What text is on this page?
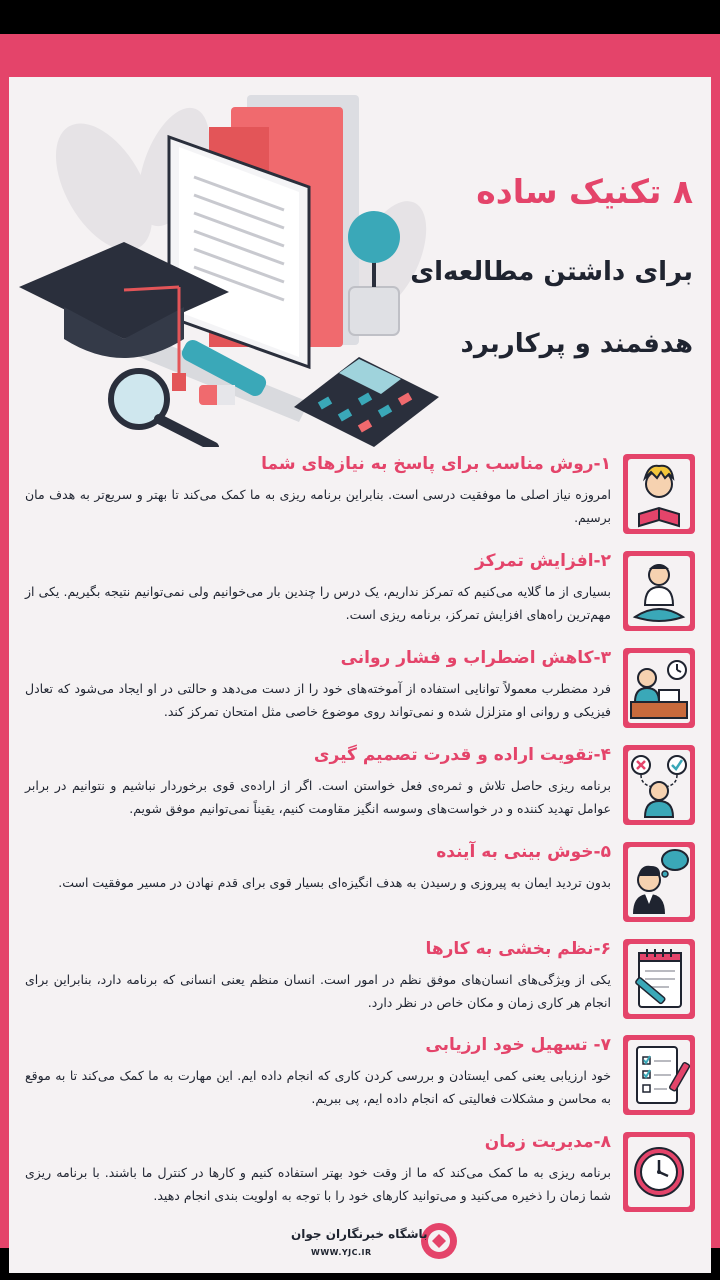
۸ تکنیک ساده
برای داشتن مطالعه‌ای
هدفمند و پرکاربرد
۱-روش مناسب برای پاسخ به نیازهای شما
امروزه نیاز اصلی ما موفقیت درسی است. بنابراین برنامه ریزی به ما کمک می‌کند تا بهتر و سریع‌تر به هدف مان برسیم.
۲-افزایش تمرکز
بسیاری از ما گلایه می‌کنیم که تمرکز نداریم، یک درس را چندین بار می‌خوانیم ولی نمی‌توانیم نتیجه بگیریم. یکی از مهم‌ترین راه‌های افزایش تمرکز، برنامه ریزی است.
۳-کاهش اضطراب و فشار روانی
فرد مضطرب معمولاً توانایی استفاده از آموخته‌های خود را از دست می‌دهد و حالتی در او ایجاد می‌شود که تعادل فیزیکی و روانی او متزلزل شده و نمی‌تواند روی موضوع خاصی مثل امتحان تمرکز کند.
۴-تقویت اراده و قدرت تصمیم گیری
برنامه ریزی حاصل تلاش و ثمره‌ی فعل خواستن است. اگر از اراده‌ی قوی برخوردار نباشیم و نتوانیم در برابر عوامل تهدید کننده و در خواست‌های وسوسه انگیز مقاومت کنیم، یقیناً نمی‌توانیم موفق شویم.
۵-خوش بینی به آینده
بدون تردید ایمان به پیروزی و رسیدن به هدف انگیزه‌ای بسیار قوی برای قدم نهادن در مسیر موفقیت است.
۶-نظم بخشی به کارها
یکی از ویژگی‌های انسان‌های موفق نظم در امور است. انسان منظم یعنی انسانی که برنامه دارد، بنابراین برای انجام هر کاری زمان و مکان خاص در نظر دارد.
۷- تسهیل خود ارزیابی
خود ارزیابی یعنی کمی ایستادن و بررسی کردن کاری که انجام داده ایم. این مهارت به ما کمک می‌کند تا به موقع به محاسن و مشکلات فعالیتی که انجام داده ایم، پی ببریم.
۸-مدیریت زمان
برنامه ریزی به ما کمک می‌کند که ما از وقت خود بهتر استفاده کنیم و کارها در کنترل ما باشند. با برنامه ریزی شما زمان را ذخیره می‌کنید و می‌توانید کارهای خود را با توجه به اولویت بندی انجام دهید.
باشگاه خبرنگاران جوان
WWW.YJC.IR
